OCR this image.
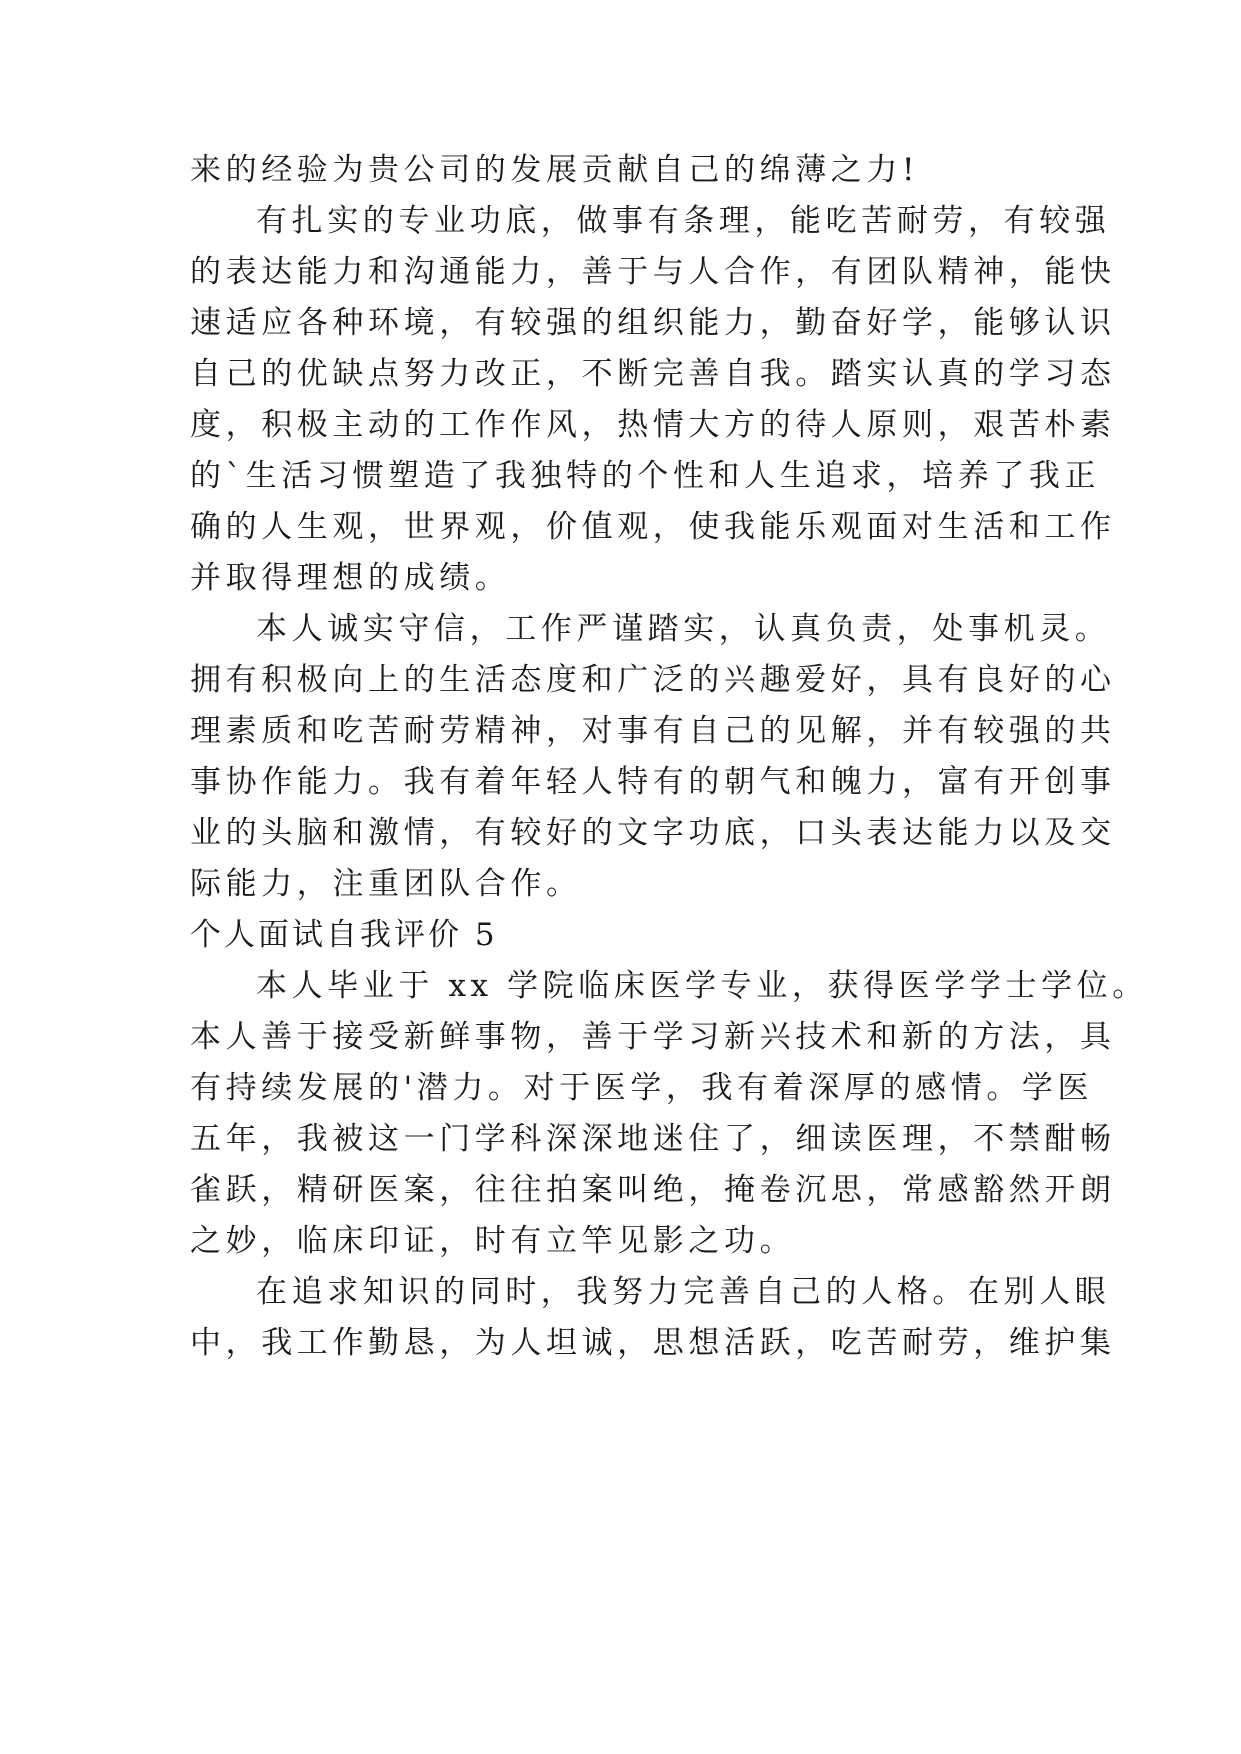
来的经验为贵公司的发展贡献自己的绵薄之力!
有扎实的专业功底，做事有条理，能吃苦耐劳，有较强
的表达能力和沟通能力，善于与人合作，有团队精神，能快
速适应各种环境，有较强的组织能力，勤奋好学，能够认识
自己的优缺点努力改正，不断完善自我。踏实认真的学习态
度，积极主动的工作作风，热情大方的待人原则，艰苦朴素
的`生活习惯塑造了我独特的个性和人生追求，培养了我正
确的人生观，世界观，价值观，使我能乐观面对生活和工作
并取得理想的成绩。
本人诚实守信，工作严谨踏实，认真负责，处事机灵。
拥有积极向上的生活态度和广泛的兴趣爱好，具有良好的心
理素质和吃苦耐劳精神，对事有自己的见解，并有较强的共
事协作能力。我有着年轻人特有的朝气和魄力，富有开创事
业的头脑和激情，有较好的文字功底，口头表达能力以及交
际能力，注重团队合作。
个人面试自我评价 5
本人毕业于 xx 学院临床医学专业，获得医学学士学位。
本人善于接受新鲜事物，善于学习新兴技术和新的方法，具
有持续发展的'潜力。对于医学，我有着深厚的感情。学医
五年，我被这一门学科深深地迷住了，细读医理，不禁酣畅
雀跃，精研医案，往往拍案叫绝，掩卷沉思，常感豁然开朗
之妙，临床印证，时有立竿见影之功。
在追求知识的同时，我努力完善自己的人格。在别人眼
中，我工作勤恳，为人坦诚，思想活跃，吃苦耐劳，维护集
